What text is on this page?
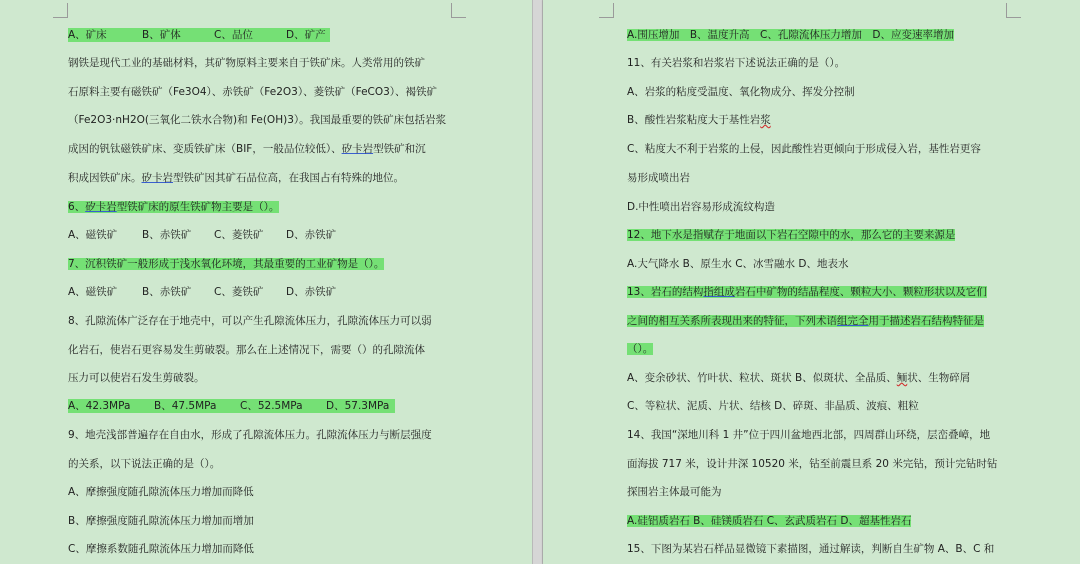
A、矿床	B、矿体	C、品位	D、矿产
钢铁是现代工业的基础材料，其矿物原料主要来自于铁矿床。人类常用的铁矿
石原料主要有磁铁矿（Fe3O4）、赤铁矿（Fe2O3）、菱铁矿（FeCO3）、褐铁矿
（Fe2O3·nH2O(三氧化二铁水合物)和 Fe(OH)3）。我国最重要的铁矿床包括岩浆
成因的钒钛磁铁矿床、变质铁矿床（BIF，一般品位较低）、矽卡岩型铁矿和沉
积成因铁矿床。矽卡岩型铁矿因其矿石品位高，在我国占有特殊的地位。
6、矽卡岩型铁矿床的原生铁矿物主要是（）。
A、磁铁矿 B、赤铁矿 C、菱铁矿 D、赤铁矿
7、沉积铁矿一般形成于浅水氧化环境，其最重要的工业矿物是（）。
A、磁铁矿 B、赤铁矿 C、菱铁矿 D、赤铁矿
8、孔隙流体广泛存在于地壳中，可以产生孔隙流体压力，孔隙流体压力可以弱
化岩石，使岩石更容易发生剪破裂。那么在上述情况下，需要（）的孔隙流体
压力可以使岩石发生剪破裂。
A、42.3MPa B、47.5MPa C、52.5MPa D、57.3MPa
9、地壳浅部普遍存在自由水，形成了孔隙流体压力。孔隙流体压力与断层强度
的关系，以下说法正确的是（）。
A、摩擦强度随孔隙流体压力增加而降低
B、摩擦强度随孔隙流体压力增加而增加
C、摩擦系数随孔隙流体压力增加而降低
A.围压增加　B、温度升高　C、孔隙流体压力增加　D、应变速率增加
11、有关岩浆和岩浆岩下述说法正确的是（）。
A、岩浆的粘度受温度、氧化物成分、挥发分控制
B、酸性岩浆粘度大于基性岩浆
C、粘度大不利于岩浆的上侵，因此酸性岩更倾向于形成侵入岩，基性岩更容
易形成喷出岩
D.中性喷出岩容易形成流纹构造
12、地下水是指赋存于地面以下岩石空隙中的水，那么它的主要来源是
A.大气降水 B、原生水 C、冰雪融水 D、地表水
13、岩石的结构指组成岩石中矿物的结晶程度、颗粒大小、颗粒形状以及它们
之间的相互关系所表现出来的特征，下列术语组完全用于描述岩石结构特征是
（）。
A、变余砂状、竹叶状、粒状、斑状 B、似斑状、全晶质、鲕状、生物碎屑
C、等粒状、泥质、片状、结核 D、碎斑、非晶质、波痕、粗粒
14、我国“深地川科 1 井”位于四川盆地西北部，四周群山环绕，层峦叠嶂，地
面海拔 717 米，设计井深 10520 米，钻至前震旦系 20 米完钻，预计完钻时钻
探围岩主体最可能为
A.硅铝质岩石 B、硅镁质岩石 C、玄武质岩石 D、超基性岩石
15、下图为某岩石样品显微镜下素描图，通过解读，判断自生矿物 A、B、C 和
